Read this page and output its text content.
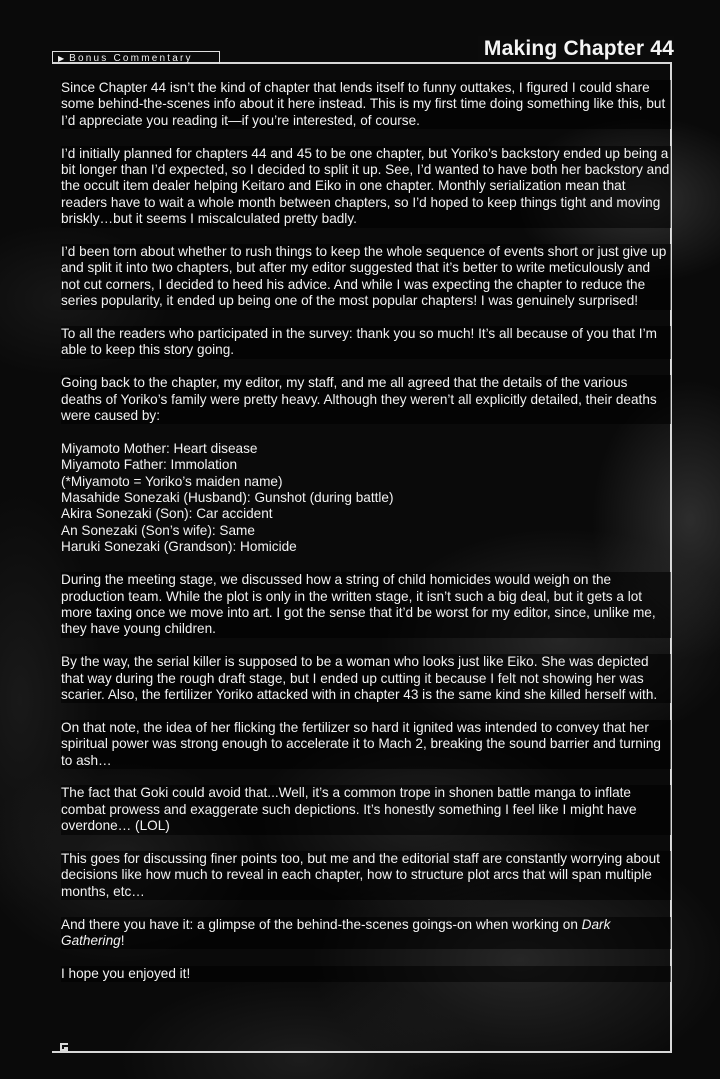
▶ Bonus Commentary	Making Chapter 44

Since Chapter 44 isn’t the kind of chapter that lends itself to funny outtakes, I figured I could share some behind-the-scenes info about it here instead. This is my first time doing something like this, but I’d appreciate you reading it—if you’re interested, of course.

I’d initially planned for chapters 44 and 45 to be one chapter, but Yoriko’s backstory ended up being a bit longer than I’d expected, so I decided to split it up. See, I’d wanted to have both her backstory and the occult item dealer helping Keitaro and Eiko in one chapter. Monthly serialization mean that readers have to wait a whole month between chapters, so I’d hoped to keep things tight and moving briskly…but it seems I miscalculated pretty badly.

I’d been torn about whether to rush things to keep the whole sequence of events short or just give up and split it into two chapters, but after my editor suggested that it’s better to write meticulously and not cut corners, I decided to heed his advice. And while I was expecting the chapter to reduce the series popularity, it ended up being one of the most popular chapters! I was genuinely surprised!

To all the readers who participated in the survey: thank you so much! It’s all because of you that I’m able to keep this story going.

Going back to the chapter, my editor, my staff, and me all agreed that the details of the various deaths of Yoriko’s family were pretty heavy. Although they weren’t all explicitly detailed, their deaths were caused by:

Miyamoto Mother: Heart disease
Miyamoto Father: Immolation
(*Miyamoto = Yoriko’s maiden name)
Masahide Sonezaki (Husband): Gunshot (during battle)
Akira Sonezaki (Son): Car accident
An Sonezaki (Son’s wife): Same
Haruki Sonezaki (Grandson): Homicide

During the meeting stage, we discussed how a string of child homicides would weigh on the production team. While the plot is only in the written stage, it isn’t such a big deal, but it gets a lot more taxing once we move into art. I got the sense that it’d be worst for my editor, since, unlike me, they have young children.

By the way, the serial killer is supposed to be a woman who looks just like Eiko. She was depicted that way during the rough draft stage, but I ended up cutting it because I felt not showing her was scarier. Also, the fertilizer Yoriko attacked with in chapter 43 is the same kind she killed herself with.

On that note, the idea of her flicking the fertilizer so hard it ignited was intended to convey that her spiritual power was strong enough to accelerate it to Mach 2, breaking the sound barrier and turning to ash…

The fact that Goki could avoid that...Well, it’s a common trope in shonen battle manga to inflate combat prowess and exaggerate such depictions. It’s honestly something I feel like I might have overdone… (LOL)

This goes for discussing finer points too, but me and the editorial staff are constantly worrying about decisions like how much to reveal in each chapter, how to structure plot arcs that will span multiple months, etc…

And there you have it: a glimpse of the behind-the-scenes goings-on when working on Dark Gathering!

I hope you enjoyed it!
